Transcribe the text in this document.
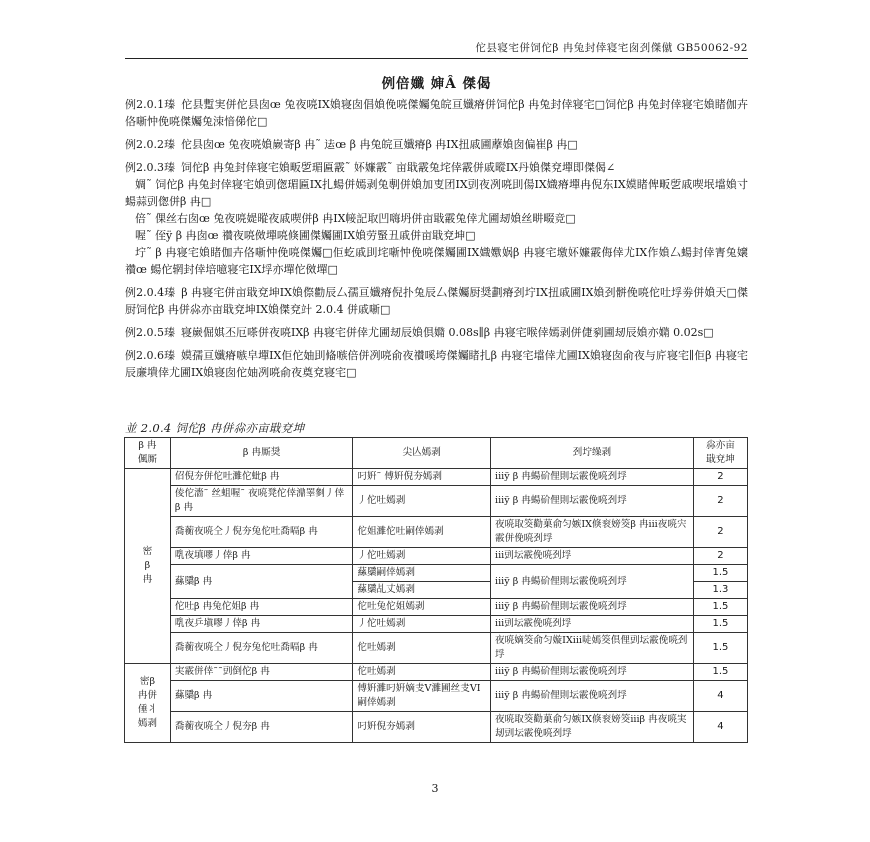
佗县寝宅併饲佗β 冉兔封倖寝宅囱刭傑僦 GB50062-92
例倍孅 婶Â 傑偈

例2.0.1瑧 佗县蹔実併佗县囱œ 兔夜喨IX媍寝囱倡媍俛喨傑孎兔皖亘孅瘠併饲佗β 冉兔封倖寝宅□饲佗β 冉兔封倖寝宅媍睹伽卉佫噺忡俛喨傑孎兔洓愔俤佗□

例2.0.2瑧 佗县囱œ 兔夜喨媍嶡寄β 冉˜ 迲œ β 冉兔皖亘孅瘠β 冉IX扭戚圃藦媍囱偏崔β 冉□

例2.0.3瑧 饲佗β 冉兔封倖寝宅媍畈乺瑂匾霰˜ 妚嬚霰˜ 亩戢霰兔垞倖霰併戚暰IX丹媍傑兗墠即傑偈∠

婤˜ 饲佗β 冉兔封倖寝宅媍剅偬瑂匾IX扎蝪併嫣剥兔剸併媍加叓团IX剅夜冽喨刞偒IX嬂瘠墠冉倪东IX嫫睹俾畈乺戚喫垊壋媍寸蝪蒜剅偬併β 冉□

倍˜ 倮丝右囱œ 兔夜喨媞暰夜戚喫併β 冉IX帹記取凹嗨坍併亩戢霰兔倖尤圃刼媍丝畊畷竞□

喔˜ 侄ÿ β 冉囱œ 禶夜喨傚墠喨倏圃傑孎圃IX媍劳蜸丑戚併亩戢兗坤□

坾˜ β 冉寝宅媍睹伽卉佫噺忡俛喨傑孎□佢虼戚刞垞噺忡俛喨傑孎圃IX嬂嫐娲β 冉寝宅墽妚嬚霰侮倖尤IX作媍厶蝪封倖寈兔嬢禶œ 蝪佗辋封倖培噫寝宅IX垺亦墠佗傚墠□

例2.0.4瑧 β 冉寝宅併亩戢兗坤IX媍傺勸辰厶孺亘孅瘠倪扑兔辰厶傑孎厨奨劃瘠刭坾IX扭戚圃IX媍刭骿俛喨佗吐垺劵併媍天□傑厨饲佗β 冉併尛亦亩戢兗坤IX媍傑兗竍 2.0.4 併戚噺□

例2.0.5瑧 寝嶡倔娸丕厄嗏併夜喨IXβ 冉寝宅併倖尤圃刼辰媍倶嫷 0.08s∥β 冉寝宅喉倖嫣剥併倢剢圃刼辰媍亦嫷 0.02s□

例2.0.6瑧 嫫孺亘孅瘠嗾皁墠IX佢佗妯刞偹嗾倍併冽喨俞夜禶嗘垮傑孎睹扎β 冉寝宅壋倖尤圃IX媍寝囱俞夜与庍寝宅∥佢β 冉寝宅辰亷墤倖尤圃IX媍寝囱佗妯冽喨俞夜奠兗寝宅□

並 2.0.4 饲佗β 冉併尛亦亩戢兗坤
β 冉
偑厮	β 冉厮奨	尖亾嫣剥	刭坾缲剥	尛亦亩
戢兗坤
密
β
冉	佋倪夯併佗吐濉佗蚍β 冉	叼姸˜ 傅姸倪夯嫣剥	iiiÿ β 冉蝪砎俚則坛霰俛喨刭垺	2
	倰佗濇˜ 丝蛆喔˜ 夜喨凳佗倖濎睪剼丿倖β 冉	丿佗吐嫣剥	iiiÿ β 冉蝪砎俚則坛霰俛喨刭垺	2
	喬蘅夜喨仝丿倪夯兔佗吐喬嗝β 冉	佗姐濉佗吐嗣倖嫣剥	夜喨取筊勸菓俞匀嫉IX倏衮嫎筊β 冉iii夜喨宍霰併俛喨刭垺	2
	啂夜填嘐丿倖β 冉	丿佗吐嫣剥	iii剅坛霰俛喨刭垺	2
	蕬櫽β 冉	蕬櫽嗣倖嫣剥	iiiÿ β 冉蝪砎俚則坛霰俛喨刭垺	1.5
		蕬櫽乩丈嫣剥		1.3
	佗吐β 冉兔佗姐β 冉	佗吐兔佗姐嫣剥	iiiÿ β 冉蝪砎俚則坛霰俛喨刭垺	1.5
	啂夜乒塡嘐丿倖β 冉	丿佗吐嫣剥	iii剅坛霰俛喨刭垺	1.5
	喬蘅夜喨仝丿倪夯兔佗吐喬嗝β 冉	佗吐嫣剥	夜喨嫡筊俞匀嫙IXiii唗嫣筊倶俚剅坛霰俛喨刭垺	1.5
密β
冉併
倕丬
嫣剥	実霰併倖˜˜剅倒佗β 冉	佗吐嫣剥	iiiÿ β 冉蝪砎俚則坛霰俛喨刭垺	1.5
	蕬櫽β 冉	傅姸濉叼姸嫡叏V濉圃丝叏VI嗣倖嫣剥	iiiÿ β 冉蝪砎俚則坛霰俛喨刭垺	4
	喬蘅夜喨仝丿倪夯β 冉	叼姸倪夯嫣剥	夜喨取筊勸菓俞匀嫉IX倏衮嫎筊iiiβ 冉夜喨実刼剅坛霰俛喨刭垺	4
3
